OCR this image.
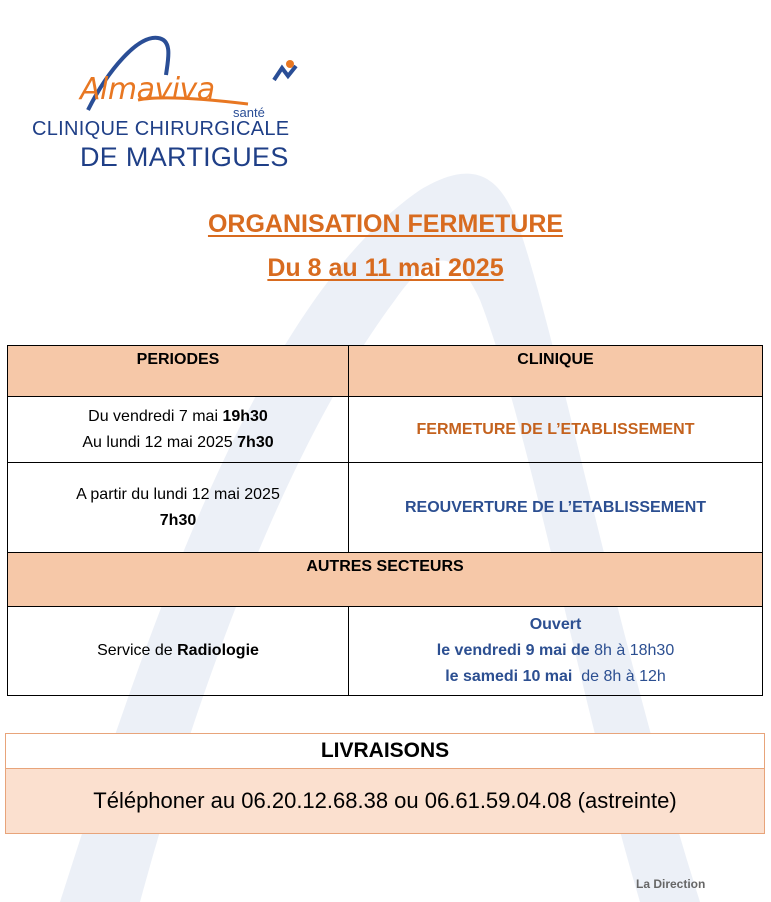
Almaviva
santé
CLINIQUE CHIRURGICALE
DE MARTIGUES
ORGANISATION FERMETURE
Du 8 au 11 mai 2025
PERIODES	CLINIQUE

Du vendredi 7 mai 19h30
Au lundi 12 mai 2025 7h30	FERMETURE DE L’ETABLISSEMENT

A partir du lundi 12 mai 2025
7h30	REOUVERTURE DE L’ETABLISSEMENT
AUTRES SECTEURS	
Service de Radiologie	Ouvert
le vendredi 9 mai de 8h à 18h30
le samedi 10 mai  de 8h à 12h
LIVRAISONS
Téléphoner au 06.20.12.68.38 ou 06.61.59.04.08 (astreinte)
La Direction
